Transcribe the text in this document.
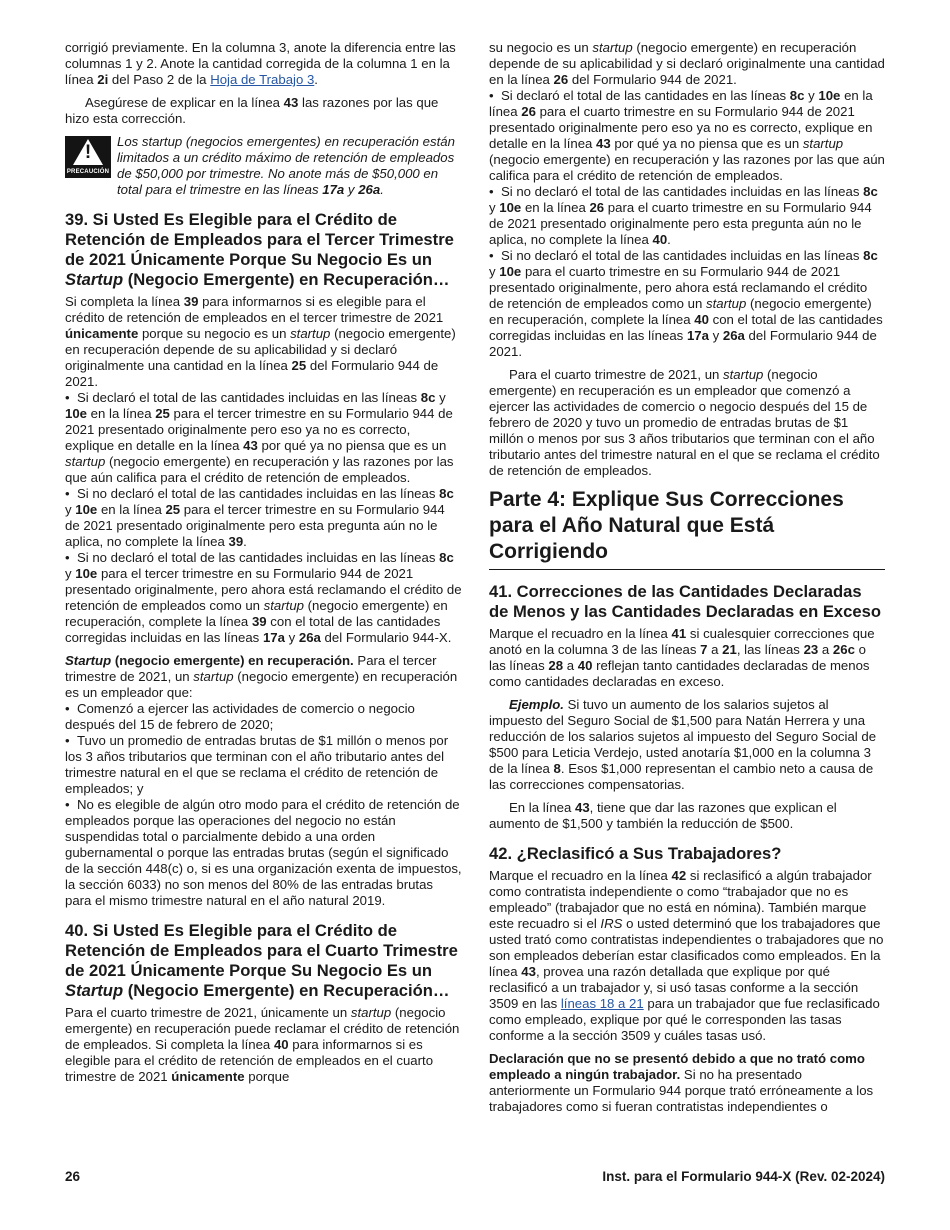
corrigió previamente. En la columna 3, anote la diferencia entre las columnas 1 y 2. Anote la cantidad corregida de la columna 1 en la línea 2i del Paso 2 de la Hoja de Trabajo 3.

Asegúrese de explicar en la línea 43 las razones por las que hizo esta corrección.

!
PRECAUCIÓN
Los startup (negocios emergentes) en recuperación están limitados a un crédito máximo de retención de empleados de $50,000 por trimestre. No anote más de $50,000 en total para el trimestre en las líneas 17a y 26a.
39. Si Usted Es Elegible para el Crédito de Retención de Empleados para el Tercer Trimestre de 2021 Únicamente Porque Su Negocio Es un Startup (Negocio Emergente) en Recuperación…

Si completa la línea 39 para informarnos si es elegible para el crédito de retención de empleados en el tercer trimestre de 2021 únicamente porque su negocio es un startup (negocio emergente) en recuperación depende de su aplicabilidad y si declaró originalmente una cantidad en la línea 25 del Formulario 944 de 2021.

•  Si declaró el total de las cantidades incluidas en las líneas 8c y 10e en la línea 25 para el tercer trimestre en su Formulario 944 de 2021 presentado originalmente pero eso ya no es correcto, explique en detalle en la línea 43 por qué ya no piensa que es un startup (negocio emergente) en recuperación y las razones por las que aún califica para el crédito de retención de empleados.

•  Si no declaró el total de las cantidades incluidas en las líneas 8c y 10e en la línea 25 para el tercer trimestre en su Formulario 944 de 2021 presentado originalmente pero esta pregunta aún no le aplica, no complete la línea 39.

•  Si no declaró el total de las cantidades incluidas en las líneas 8c y 10e para el tercer trimestre en su Formulario 944 de 2021 presentado originalmente, pero ahora está reclamando el crédito de retención de empleados como un startup (negocio emergente) en recuperación, complete la línea 39 con el total de las cantidades corregidas incluidas en las líneas 17a y 26a del Formulario 944-X.

Startup (negocio emergente) en recuperación. Para el tercer trimestre de 2021, un startup (negocio emergente) en recuperación es un empleador que:

•  Comenzó a ejercer las actividades de comercio o negocio después del 15 de febrero de 2020;

•  Tuvo un promedio de entradas brutas de $1 millón o menos por los 3 años tributarios que terminan con el año tributario antes del trimestre natural en el que se reclama el crédito de retención de empleados; y

•  No es elegible de algún otro modo para el crédito de retención de empleados porque las operaciones del negocio no están suspendidas total o parcialmente debido a una orden gubernamental o porque las entradas brutas (según el significado de la sección 448(c) o, si es una organización exenta de impuestos, la sección 6033) no son menos del 80% de las entradas brutas para el mismo trimestre natural en el año natural 2019.

40. Si Usted Es Elegible para el Crédito de Retención de Empleados para el Cuarto Trimestre de 2021 Únicamente Porque Su Negocio Es un Startup (Negocio Emergente) en Recuperación…

Para el cuarto trimestre de 2021, únicamente un startup (negocio emergente) en recuperación puede reclamar el crédito de retención de empleados. Si completa la línea 40 para informarnos si es elegible para el crédito de retención de empleados en el cuarto trimestre de 2021 únicamente porque

su negocio es un startup (negocio emergente) en recuperación depende de su aplicabilidad y si declaró originalmente una cantidad en la línea 26 del Formulario 944 de 2021.

•  Si declaró el total de las cantidades en las líneas 8c y 10e en la línea 26 para el cuarto trimestre en su Formulario 944 de 2021 presentado originalmente pero eso ya no es correcto, explique en detalle en la línea 43 por qué ya no piensa que es un startup (negocio emergente) en recuperación y las razones por las que aún califica para el crédito de retención de empleados.

•  Si no declaró el total de las cantidades incluidas en las líneas 8c y 10e en la línea 26 para el cuarto trimestre en su Formulario 944 de 2021 presentado originalmente pero esta pregunta aún no le aplica, no complete la línea 40.

•  Si no declaró el total de las cantidades incluidas en las líneas 8c y 10e para el cuarto trimestre en su Formulario 944 de 2021 presentado originalmente, pero ahora está reclamando el crédito de retención de empleados como un startup (negocio emergente) en recuperación, complete la línea 40 con el total de las cantidades corregidas incluidas en las líneas 17a y 26a del Formulario 944 de 2021.

Para el cuarto trimestre de 2021, un startup (negocio emergente) en recuperación es un empleador que comenzó a ejercer las actividades de comercio o negocio después del 15 de febrero de 2020 y tuvo un promedio de entradas brutas de $1 millón o menos por sus 3 años tributarios que terminan con el año tributario antes del trimestre natural en el que se reclama el crédito de retención de empleados.

Parte 4: Explique Sus Correcciones para el Año Natural que Está Corrigiendo
41. Correcciones de las Cantidades Declaradas de Menos y las Cantidades Declaradas en Exceso

Marque el recuadro en la línea 41 si cualesquier correcciones que anotó en la columna 3 de las líneas 7 a 21, las líneas 23 a 26c o las líneas 28 a 40 reflejan tanto cantidades declaradas de menos como cantidades declaradas en exceso.

Ejemplo. Si tuvo un aumento de los salarios sujetos al impuesto del Seguro Social de $1,500 para Natán Herrera y una reducción de los salarios sujetos al impuesto del Seguro Social de $500 para Leticia Verdejo, usted anotaría $1,000 en la columna 3 de la línea 8. Esos $1,000 representan el cambio neto a causa de las correcciones compensatorias.

En la línea 43, tiene que dar las razones que explican el aumento de $1,500 y también la reducción de $500.

42. ¿Reclasificó a Sus Trabajadores?

Marque el recuadro en la línea 42 si reclasificó a algún trabajador como contratista independiente o como “trabajador que no es empleado” (trabajador que no está en nómina). También marque este recuadro si el IRS o usted determinó que los trabajadores que usted trató como contratistas independientes o trabajadores que no son empleados deberían estar clasificados como empleados. En la línea 43, provea una razón detallada que explique por qué reclasificó a un trabajador y, si usó tasas conforme a la sección 3509 en las líneas 18 a 21 para un trabajador que fue reclasificado como empleado, explique por qué le corresponden las tasas conforme a la sección 3509 y cuáles tasas usó.

Declaración que no se presentó debido a que no trató como empleado a ningún trabajador. Si no ha presentado anteriormente un Formulario 944 porque trató erróneamente a los trabajadores como si fueran contratistas independientes o

26	Inst. para el Formulario 944-X (Rev. 02-2024)
